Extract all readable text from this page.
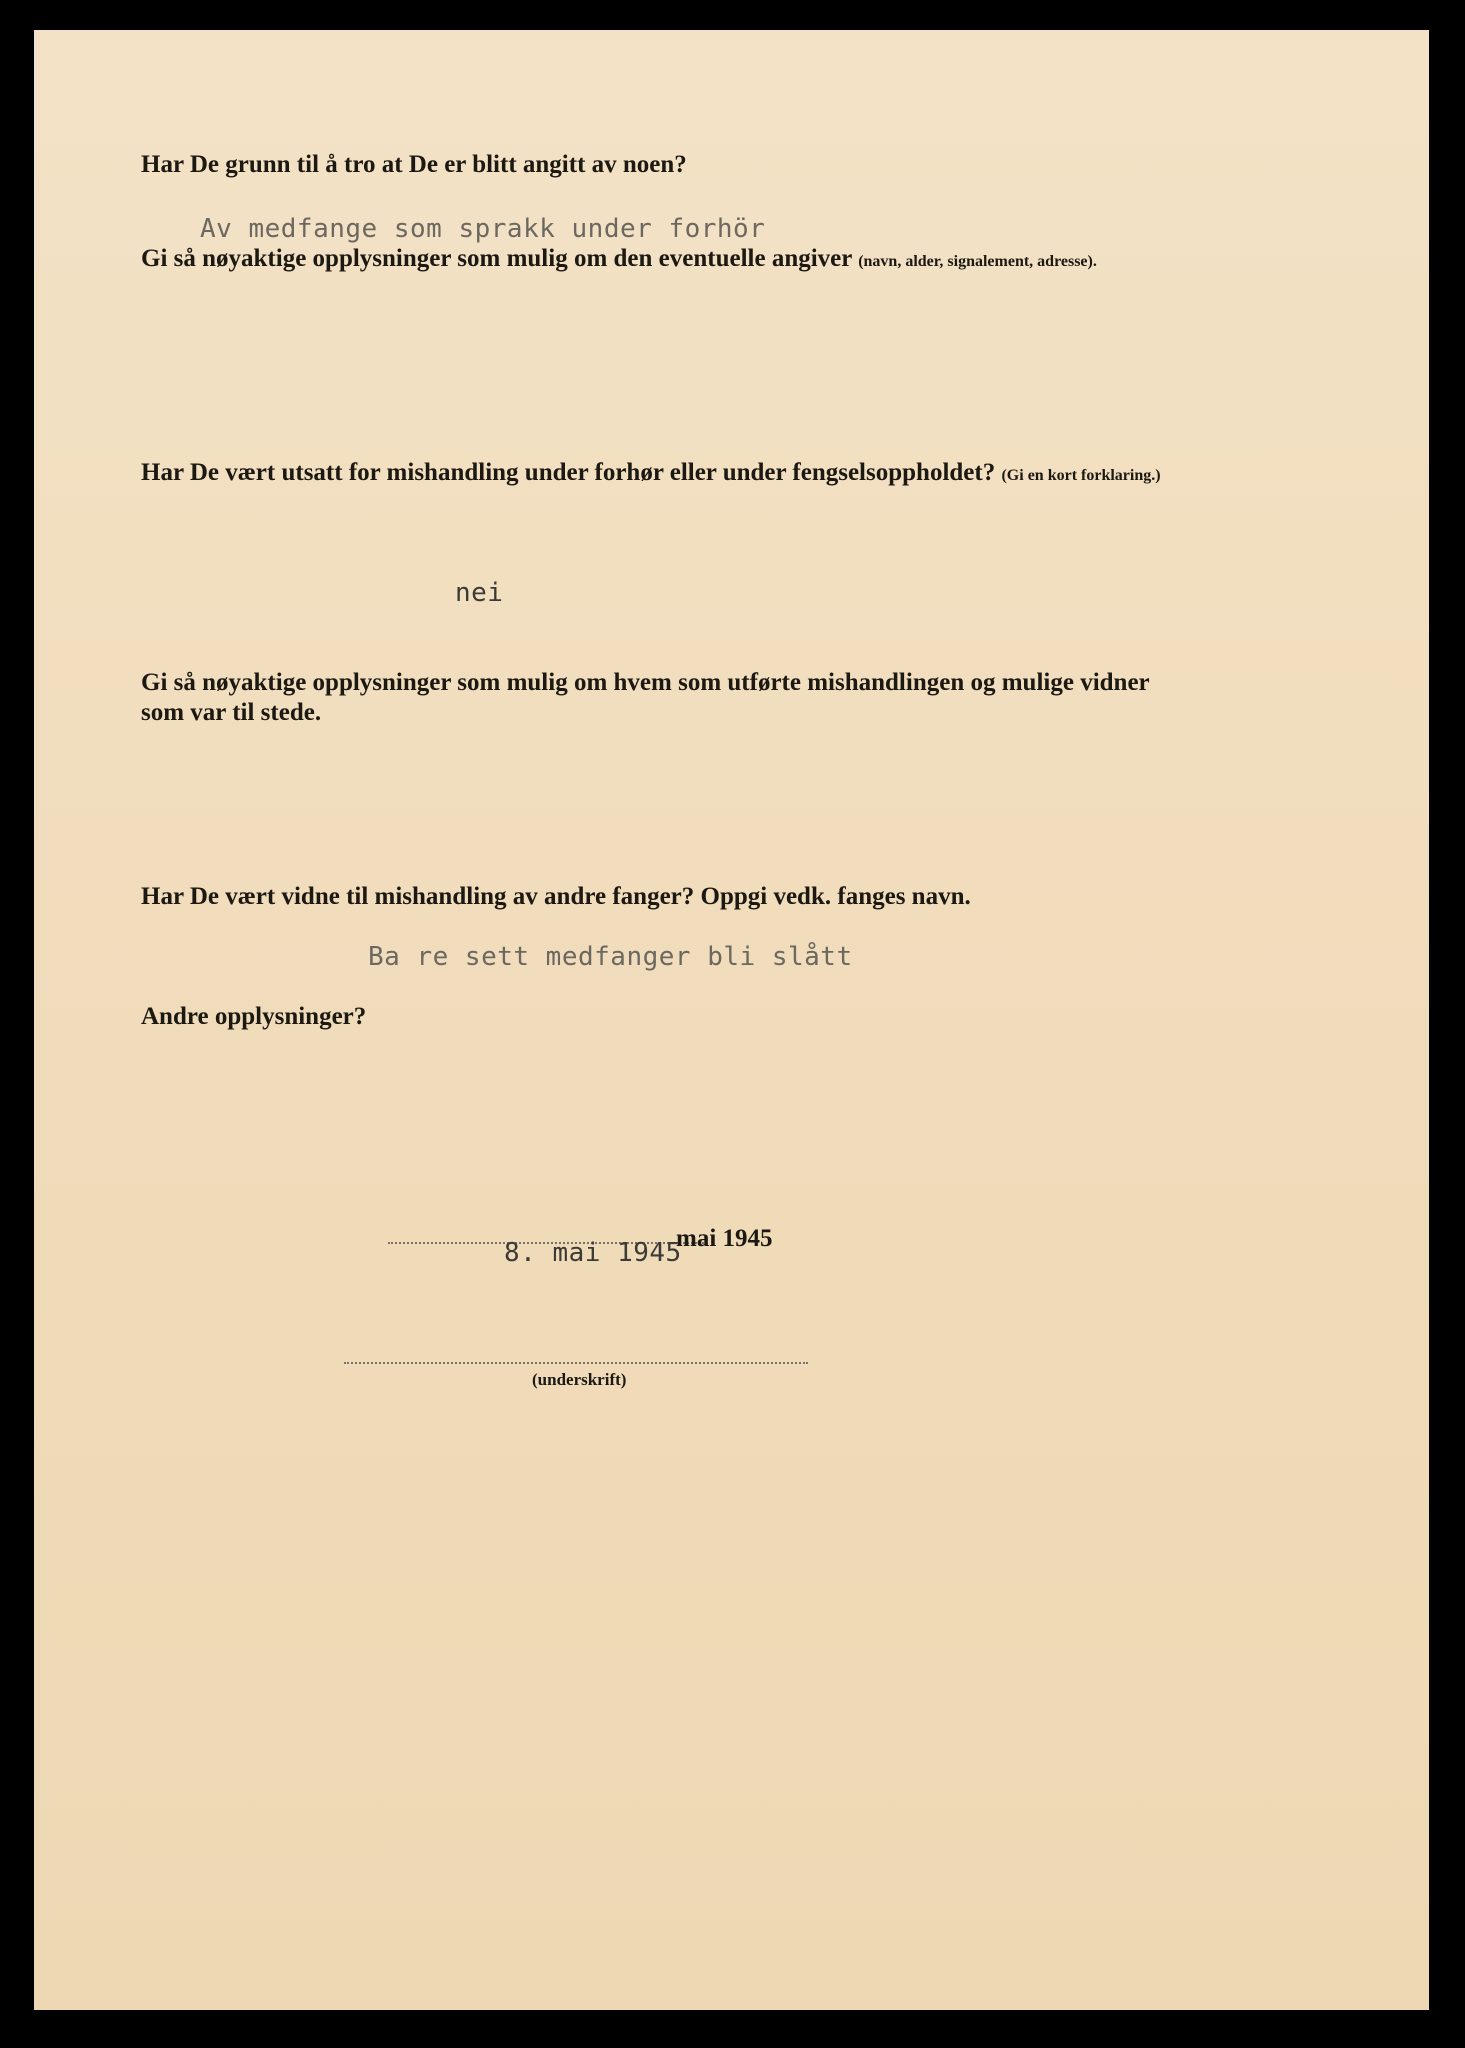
Har De grunn til å tro at De er blitt angitt av noen?
Av medfange som sprakk under forhör
Gi så nøyaktige opplysninger som mulig om den eventuelle angiver (navn, alder, signalement, adresse).
Har De vært utsatt for mishandling under forhør eller under fengselsoppholdet? (Gi en kort forklaring.)
nei
Gi så nøyaktige opplysninger som mulig om hvem som utførte mishandlingen og mulige vidner
som var til stede.
Har De vært vidne til mishandling av andre fanger? Oppgi vedk. fanges navn.
Ba re sett medfanger bli slått
Andre opplysninger?
8. mai 1945
mai 1945
(underskrift)
